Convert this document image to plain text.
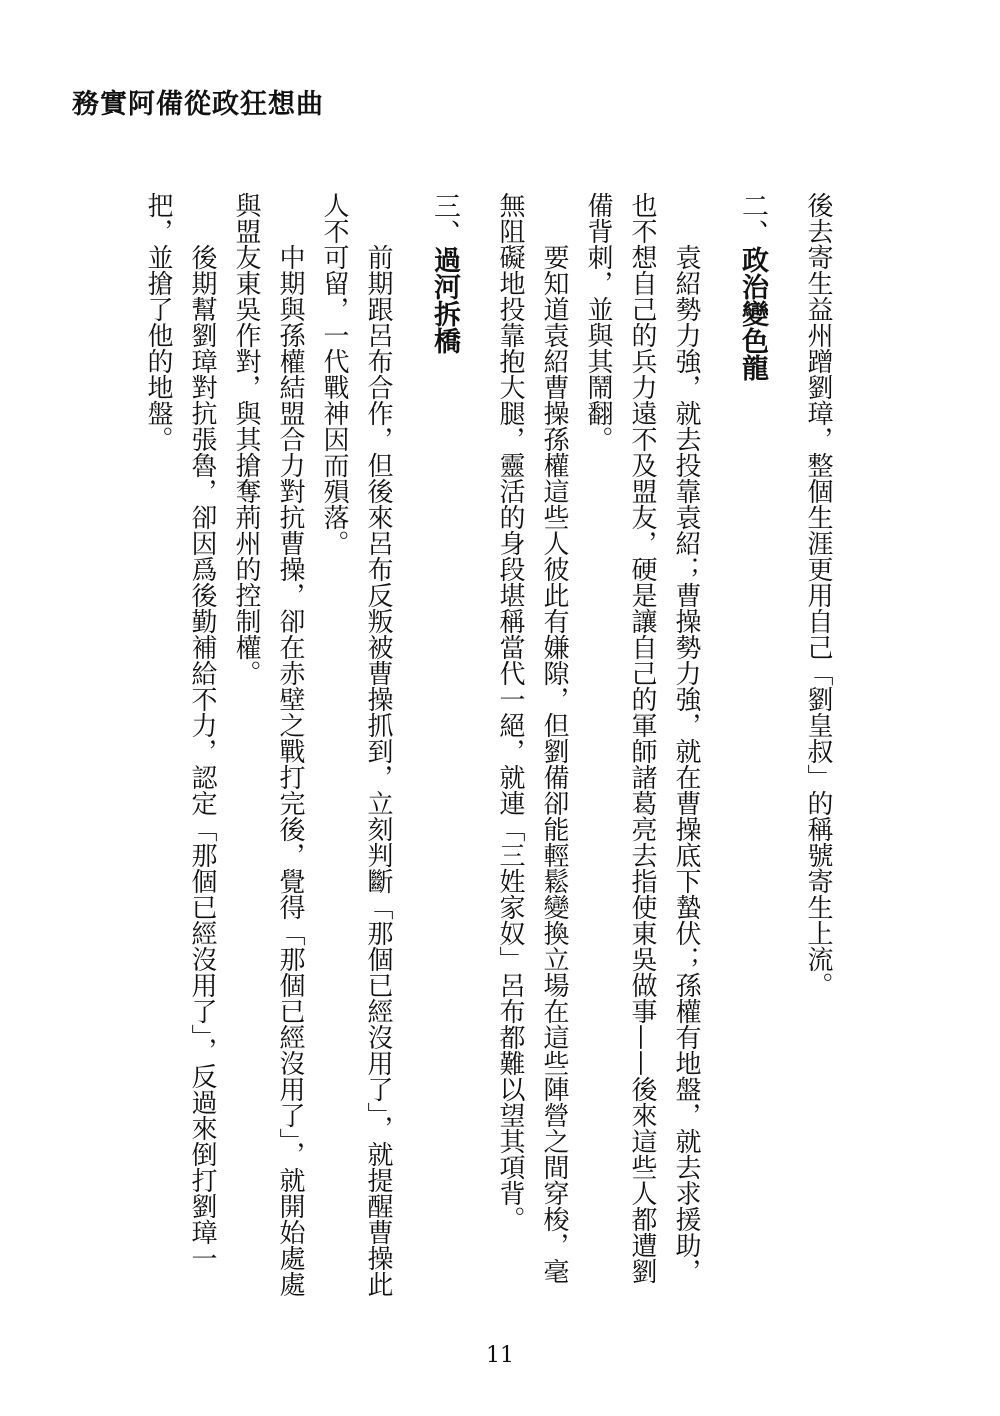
務實阿備從政狂想曲

後去寄生益州蹭劉璋，整個生涯更用自己「劉皇叔」的稱號寄生上流。

二、政治變色龍

袁紹勢力強，就去投靠袁紹；曹操勢力強，就在曹操底下蟄伏；孫權有地盤，就去求援助，也不想自己的兵力遠不及盟友，硬是讓自己的軍師諸葛亮去指使東吳做事——後來這些人都遭劉備背刺，並與其鬧翻。

要知道袁紹曹操孫權這些人彼此有嫌隙，但劉備卻能輕鬆變換立場在這些陣營之間穿梭，毫無阻礙地投靠抱大腿，靈活的身段堪稱當代一絕，就連「三姓家奴」呂布都難以望其項背。

三、過河拆橋

前期跟呂布合作，但後來呂布反叛被曹操抓到，立刻判斷「那個已經沒用了」，就提醒曹操此人不可留，一代戰神因而殞落。

中期與孫權結盟合力對抗曹操，卻在赤壁之戰打完後，覺得「那個已經沒用了」，就開始處處與盟友東吳作對，與其搶奪荊州的控制權。

後期幫劉璋對抗張魯，卻因爲後勤補給不力，認定「那個已經沒用了」，反過來倒打劉璋一把，並搶了他的地盤。

11
